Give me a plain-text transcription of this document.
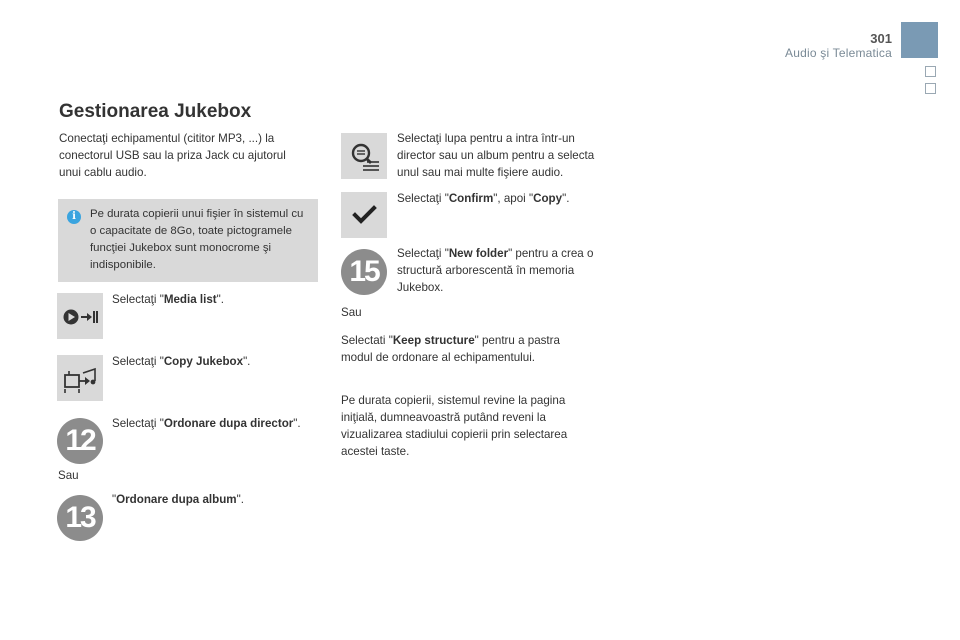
301
Audio şi Telematica
Gestionarea Jukebox
Conectaţi echipamentul (cititor MP3, ...) la conectorul USB sau la priza Jack cu ajutorul unui cablu audio.
i	Pe durata copierii unui fişier în sistemul cu o capacitate de 8Go, toate pictogramele funcţiei Jukebox sunt monocrome şi indisponibile.
Selectaţi "Media list".
Selectaţi "Copy Jukebox".
12
Selectaţi "Ordonare dupa director".
Sau
13
"Ordonare dupa album".
Selectaţi lupa pentru a intra într-un director sau un album pentru a selecta unul sau mai multe fişiere audio.
Selectaţi "Confirm", apoi "Copy".
15
Selectaţi "New folder" pentru a crea o structură arborescentă în memoria Jukebox.
Sau
Selectati "Keep structure" pentru a pastra modul de ordonare al echipamentului.
Pe durata copierii, sistemul revine la pagina iniţială, dumneavoastră putând reveni la vizualizarea stadiului copierii prin selectarea acestei taste.
